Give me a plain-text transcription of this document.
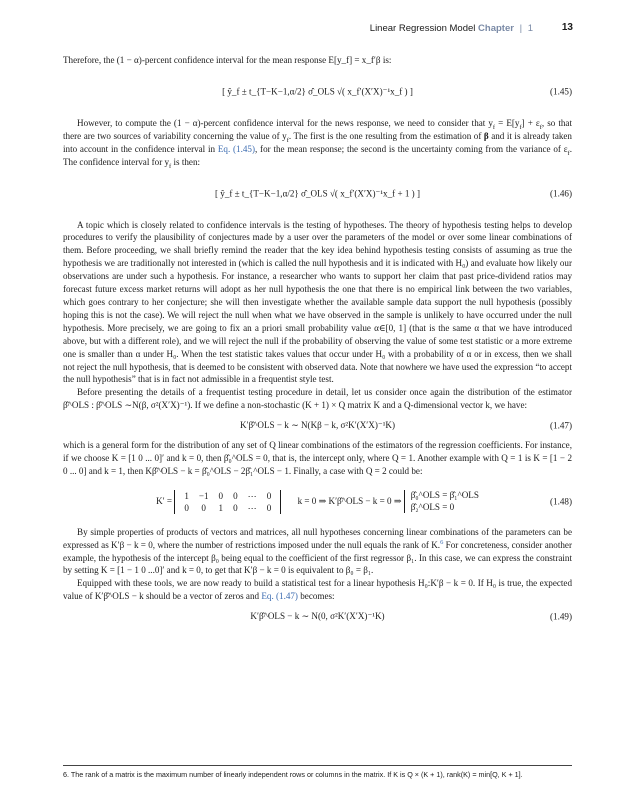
Linear Regression Model Chapter | 1	13

Therefore, the (1 − α)-percent confidence interval for the mean response E[y_f] = x_f′β is:

[ ŷ_f ± t_{T−K−1,α/2} σ̂_OLS √( x_f′(X′X)⁻¹x_f ) ]	(1.45)

However, to compute the (1 − α)-percent confidence interval for the news response, we need to consider that $y_f = E[y_f] + \varepsilon_f$, so that there are two sources of variability concerning the value of $y_f$. The first is the one resulting from the estimation of β and it is already taken into account in the confidence interval in Eq. (1.45), for the mean response; the second is the uncertainty coming from the variance of $\varepsilon_f$. The confidence interval for $y_f$ is then:

[ ŷ_f ± t_{T−K−1,α/2} σ̂_OLS √( x_f′(X′X)⁻¹x_f + 1 ) ]	(1.46)

A topic which is closely related to confidence intervals is the testing of hypotheses. The theory of hypothesis testing helps to develop procedures to verify the plausibility of conjectures made by a user over the parameters of the model or over some linear combinations of them. Before proceeding, we shall briefly remind the reader that the key idea behind hypothesis testing consists of assuming as true the hypothesis we are traditionally not interested in (which is called the null hypothesis and it is indicated with H₀) and evaluate how likely our observations are under such a hypothesis. For instance, a researcher who wants to support her claim that past price-dividend ratios may forecast future excess market returns will adopt as her null hypothesis the one that there is no empirical link between the two variables, which goes contrary to her conjecture; she will then investigate whether the available sample data support the null hypothesis (possibly hoping this is not the case). We will reject the null when what we have observed in the sample is unlikely to have occurred under the null hypothesis. More precisely, we are going to fix an a priori small probability value α∈[0, 1] (that is the same α that we have introduced above, but with a different role), and we will reject the null if the probability of observing the value of some test statistic or a more extreme one is smaller than α under H₀. When the test statistic takes values that occur under H₀ with a probability of α or in excess, then we shall not reject the null hypothesis, that is deemed to be consistent with observed data. Note that nowhere we have used the expression “to accept the null hypothesis” that is in fact not admissible in a frequentist style test.

Before presenting the details of a frequentist testing procedure in detail, let us consider once again the distribution of the estimator β̂^OLS : β̂^OLS ∼N(β, σ²(X′X)⁻¹). If we define a non-stochastic (K + 1) × Q matrix K and a Q-dimensional vector k, we have:

K′β̂^OLS − k ∼ N(Kβ − k, σ²K′(X′X)⁻¹K)	(1.47)

which is a general form for the distribution of any set of Q linear combinations of the estimators of the regression coefficients. For instance, if we choose K = [1 0 ... 0]′ and k = 0, then β̂₀^OLS = 0, that is, the intercept only, where Q = 1. Another example with Q = 1 is K = [1 − 2 0 ... 0] and k = 1, then Kβ̂^OLS − k = β̂₀^OLS − 2β̂₁^OLS − 1. Finally, a case with Q = 2 could be:

K′ =
1	−1	0	0	⋯	0
0	0	1	0	⋯	0
k = 0 ⇒ K′β̂^OLS − k = 0 ⇒ β̂₀^OLS = β̂₁^OLS
β̂₂^OLS = 0
(1.48)

By simple properties of products of vectors and matrices, all null hypotheses concerning linear combinations of the parameters can be expressed as K′β − k = 0, where the number of restrictions imposed under the null equals the rank of K.$^6$ For concreteness, consider another example, the hypothesis of the intercept β₀ being equal to the coefficient of the first regressor β₁. In this case, we can express the constraint by setting K = [1 − 1 0 ...0]′ and k = 0, to get that K′β − k = 0 is equivalent to β₀ = β₁.

Equipped with these tools, we are now ready to build a statistical test for a linear hypothesis H₀:K′β − k = 0. If H₀ is true, the expected value of K′β̂^OLS − k should be a vector of zeros and Eq. (1.47) becomes:

K′β̂^OLS − k ∼ N(0, σ²K′(X′X)⁻¹K)	(1.49)
6. The rank of a matrix is the maximum number of linearly independent rows or columns in the matrix. If K is Q × (K + 1), rank(K) = min[Q, K + 1].
